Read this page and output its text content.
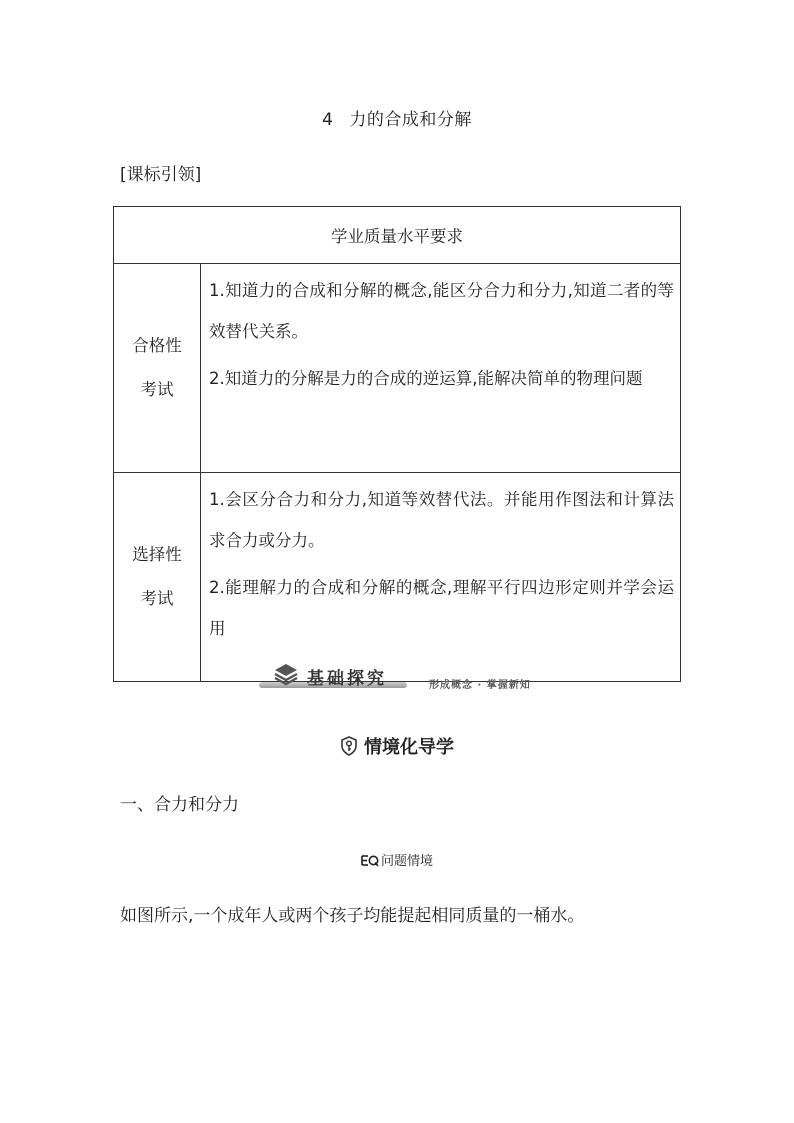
4 力的合成和分解
[课标引领]
学业质量水平要求	
合格性考试	1.知道力的合成和分解的概念,能区分合力和分力,知道二者的等效替代关系。
2.知道力的分解是力的合成的逆运算,能解决简单的物理问题

选择性考试	1.会区分合力和分力,知道等效替代法。并能用作图法和计算法求合力或分力。
2.能理解力的合成和分解的概念,理解平行四边形定则并学会运用
基础探究	形成概念 · 掌握新知
情境化导学
一、合力和分力
问题情境
如图所示,一个成年人或两个孩子均能提起相同质量的一桶水。
